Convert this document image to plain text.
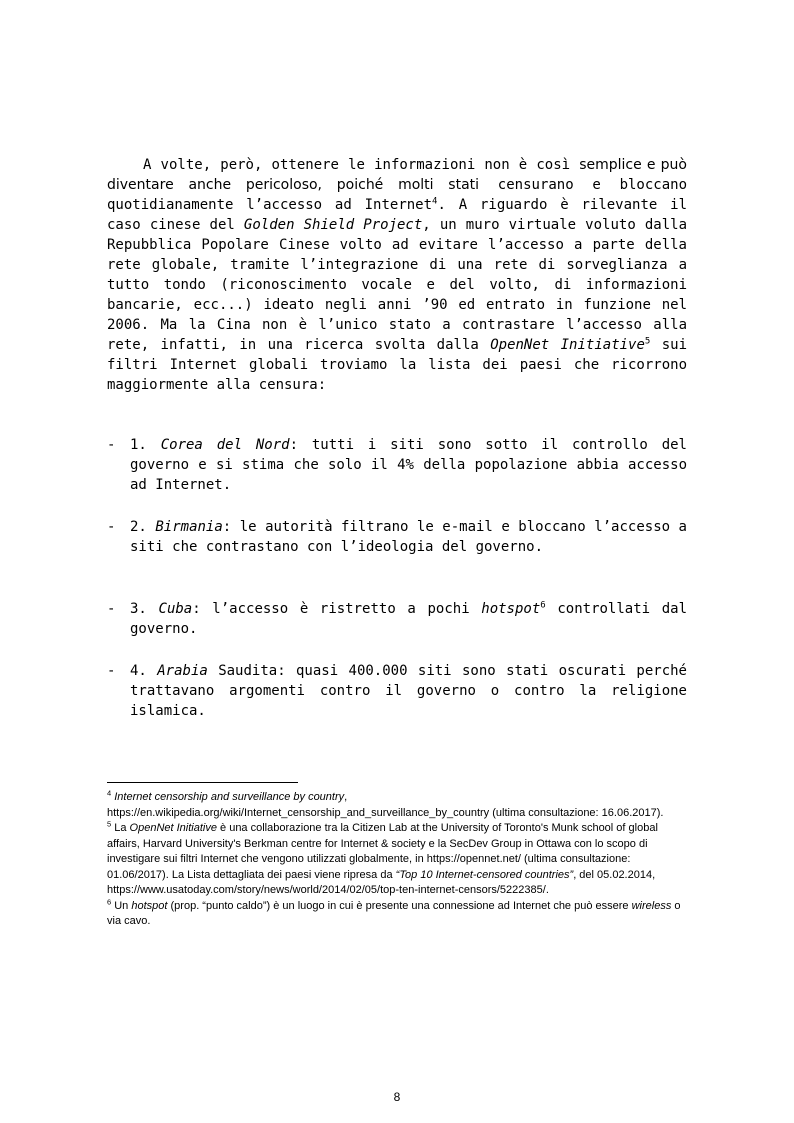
A volte, però, ottenere le informazioni non è così semplice e può diventare anche pericoloso, poiché molti stati censurano e bloccano quotidianamente l’accesso ad Internet$^4$. A riguardo è rilevante il caso cinese del Golden Shield Project, un muro virtuale voluto dalla Repubblica Popolare Cinese volto ad evitare l’accesso a parte della rete globale, tramite l’integrazione di una rete di sorveglianza a tutto tondo (riconoscimento vocale e del volto, di informazioni bancarie, ecc...) ideato negli anni ’90 ed entrato in funzione nel 2006. Ma la Cina non è l’unico stato a contrastare l’accesso alla rete, infatti, in una ricerca svolta dalla OpenNet Initiative$^5$ sui filtri Internet globali troviamo la lista dei paesi che ricorrono maggiormente alla censura:

- 1. Corea del Nord: tutti i siti sono sotto il controllo del governo e si stima che solo il 4% della popolazione abbia accesso ad Internet.
- 2. Birmania: le autorità filtrano le e-mail e bloccano l’accesso a siti che contrastano con l’ideologia del governo.
- 3. Cuba: l’accesso è ristretto a pochi hotspot$^6$ controllati dal governo.
- 4. Arabia Saudita: quasi 400.000 siti sono stati oscurati perché trattavano argomenti contro il governo o contro la religione islamica.

$^4$ Internet censorship and surveillance by country, https://en.wikipedia.org/wiki/Internet_censorship_and_surveillance_by_country (ultima consultazione: 16.06.2017).

$^5$ La OpenNet Initiative è una collaborazione tra la Citizen Lab at the University of Toronto's Munk school of global affairs, Harvard University's Berkman centre for Internet & society e la SecDev Group in Ottawa con lo scopo di investigare sui filtri Internet che vengono utilizzati globalmente, in https://opennet.net/ (ultima consultazione: 01.06/2017). La Lista dettagliata dei paesi viene ripresa da “Top 10 Internet-censored countries”, del 05.02.2014, https://www.usatoday.com/story/news/world/2014/02/05/top-ten-internet-censors/5222385/.

$^6$ Un hotspot (prop. “punto caldo”) è un luogo in cui è presente una connessione ad Internet che può essere wireless o via cavo.

8
